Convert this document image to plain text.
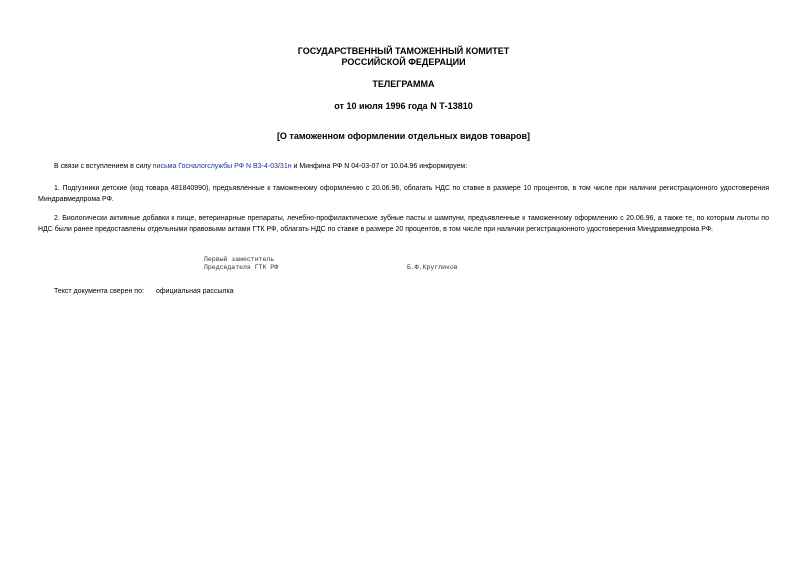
ГОСУДАРСТВЕННЫЙ ТАМОЖЕННЫЙ КОМИТЕТ
РОССИЙСКОЙ ФЕДЕРАЦИИ
ТЕЛЕГРАММА
от 10 июля 1996 года N Т-13810
[О таможенном оформлении отдельных видов товаров]
В связи с вступлением в силу письма Госналогслужбы РФ N ВЗ-4-03/31н и Минфина РФ N 04-03-07 от 10.04.96 информируем:
1. Подгузники детские (код товара 481840990), предъявленные к таможенному оформлению с 20.06.96, облагать НДС по ставке в размере 10 процентов, в том числе при наличии регистрационного удостоверения Миндравмедпрома РФ.
2. Биологически активные добавки к пище, ветеринарные препараты, лечебно-профилактические зубные пасты и шампуни, предъявленные к таможенному оформлению с 20.06.96, а также те, по которым льготы по НДС были ранее предоставлены отдельными правовыми актами ГТК РФ, облагать НДС по ставке в размере 20 процентов, в том числе при наличии регистрационного удостоверения Миндравмедпрома РФ.
Первый заместитель
Председателя ГТК РФ	Б.Ф.Кругликов
Текст документа сверен по: официальная рассылка
